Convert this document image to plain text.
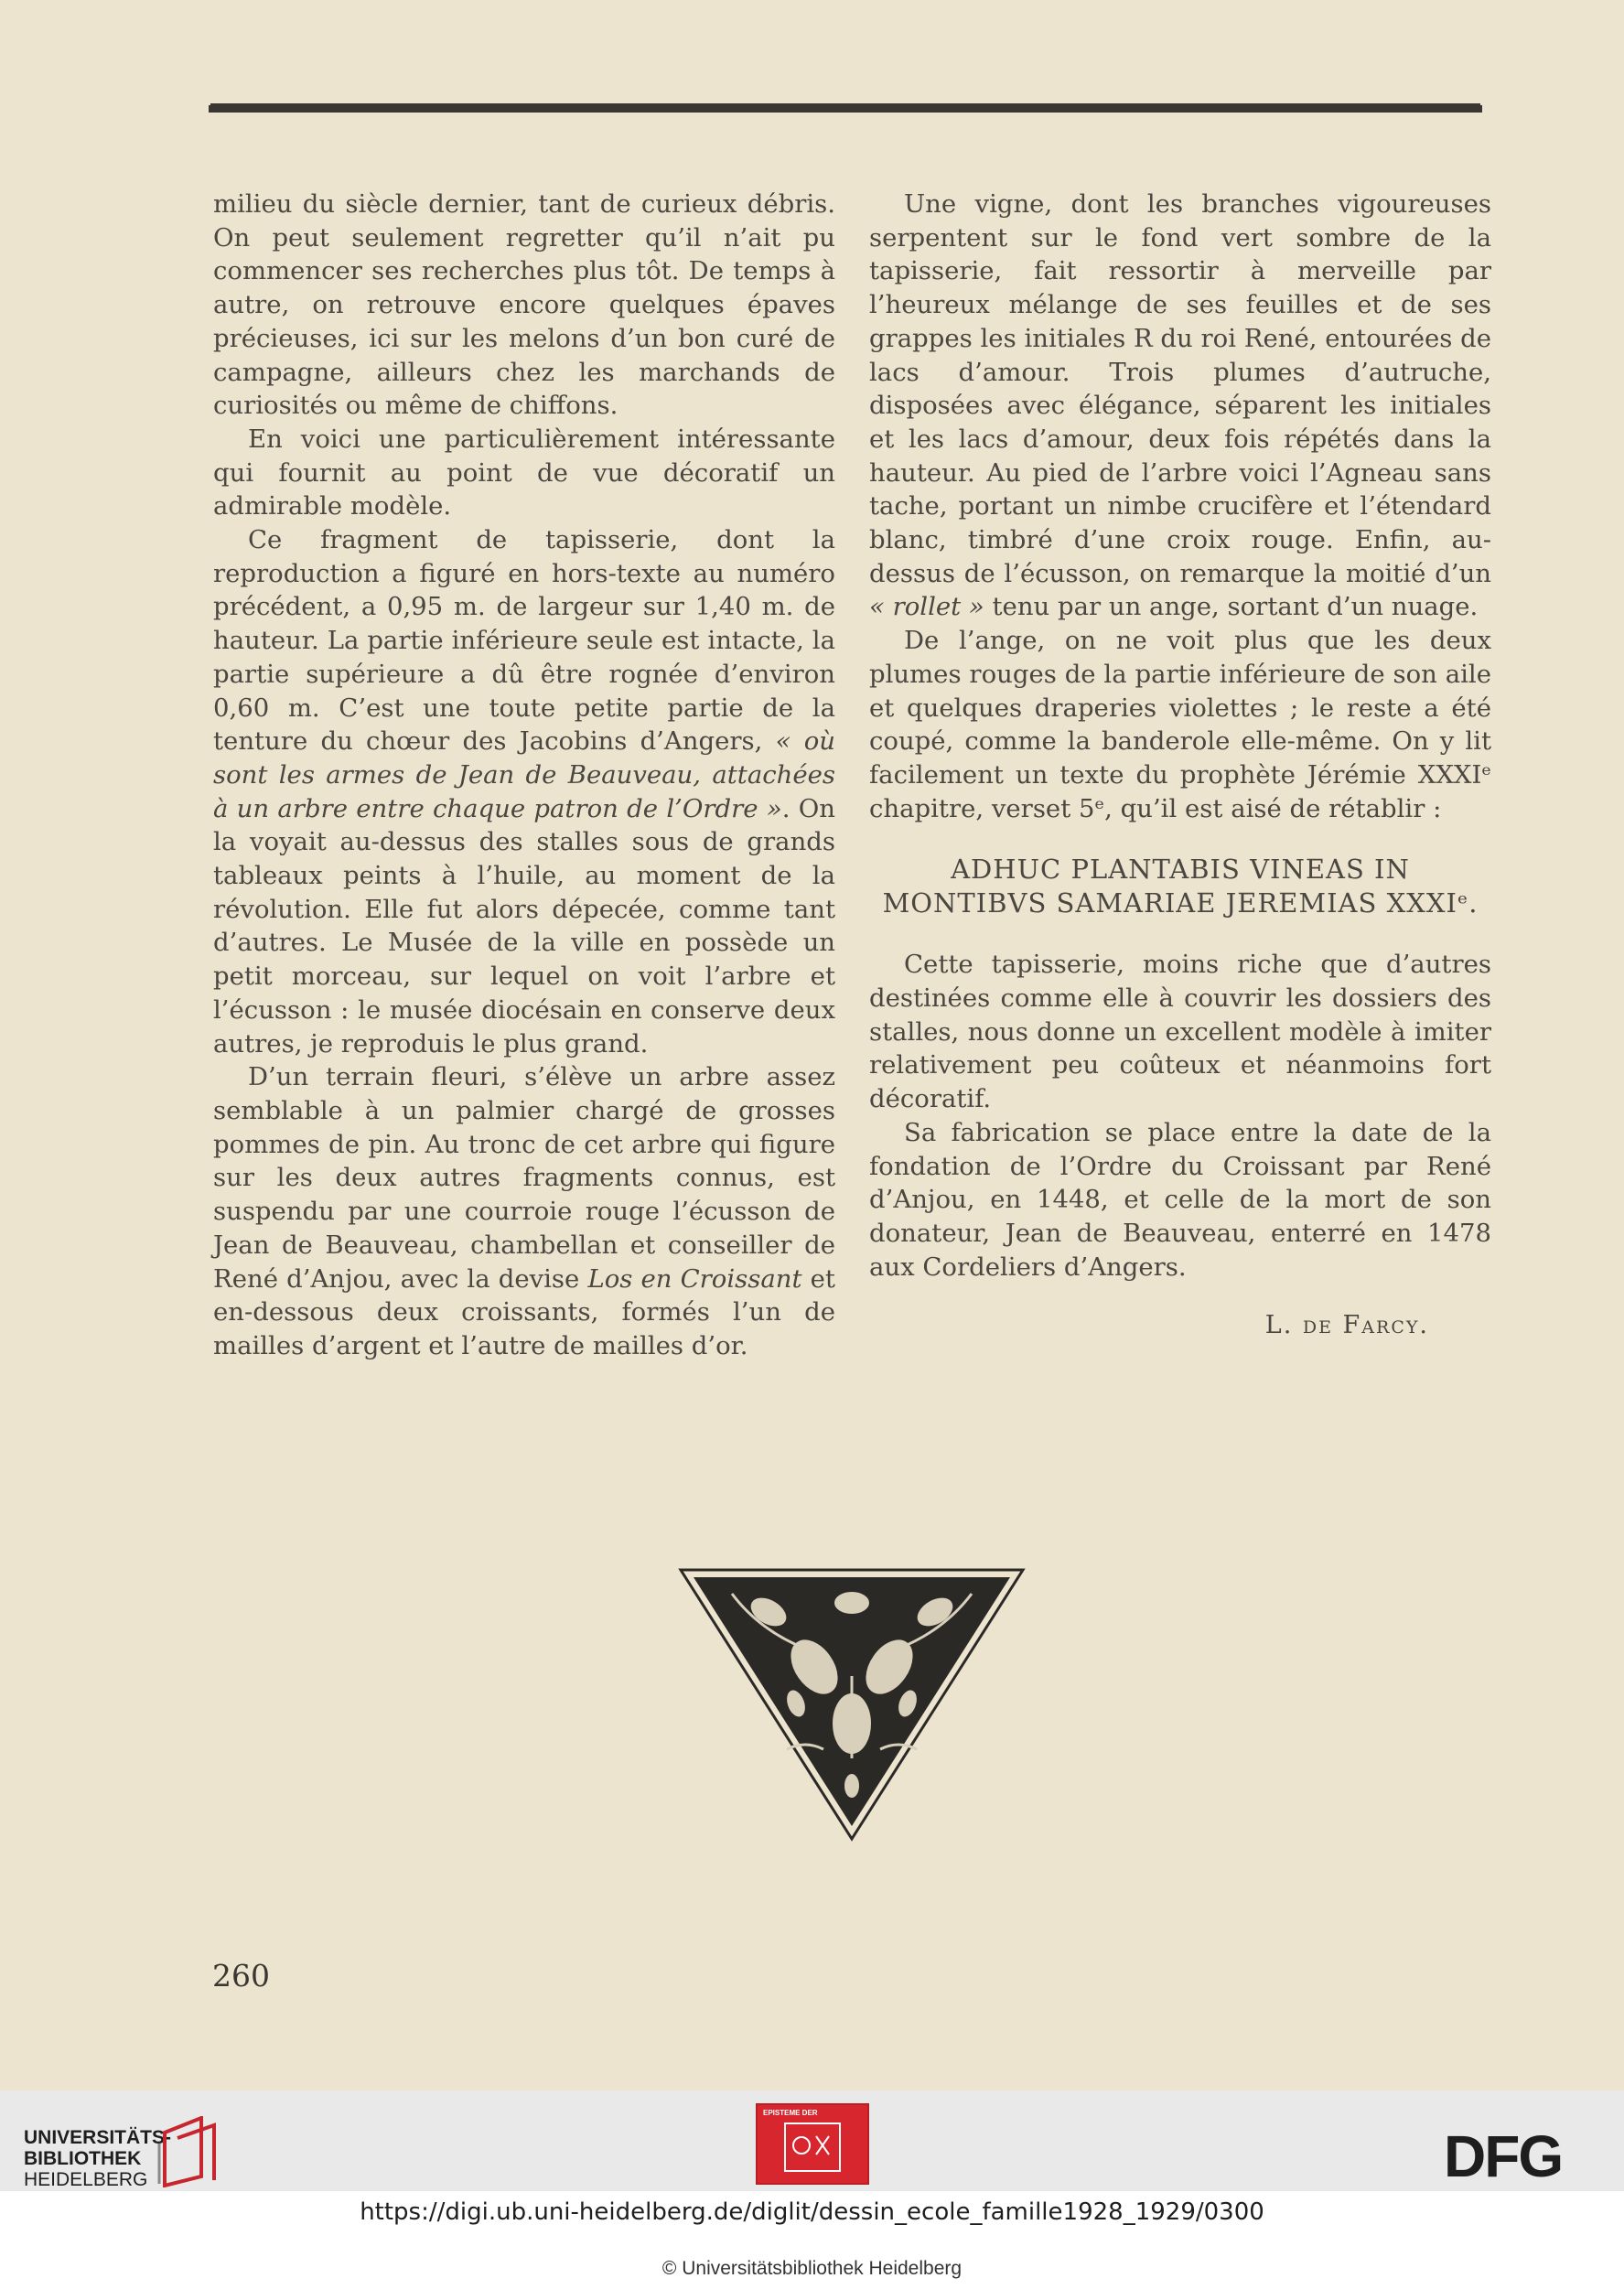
milieu du siècle dernier, tant de curieux débris. On peut seulement regretter qu’il n’ait pu commencer ses recherches plus tôt. De temps à autre, on retrouve encore quelques épaves précieuses, ici sur les melons d’un bon curé de campagne, ailleurs chez les marchands de curiosités ou même de chiffons.

En voici une particulièrement intéressante qui fournit au point de vue décoratif un admirable modèle.

Ce fragment de tapisserie, dont la reproduction a figuré en hors-texte au numéro précédent, a 0,95 m. de largeur sur 1,40 m. de hauteur. La partie inférieure seule est intacte, la partie supérieure a dû être rognée d’environ 0,60 m. C’est une toute petite partie de la tenture du chœur des Jacobins d’Angers, « où sont les armes de Jean de Beauveau, attachées à un arbre entre chaque patron de l’Ordre ». On la voyait au-dessus des stalles sous de grands tableaux peints à l’huile, au moment de la révolution. Elle fut alors dépecée, comme tant d’autres. Le Musée de la ville en possède un petit morceau, sur lequel on voit l’arbre et l’écusson : le musée diocésain en conserve deux autres, je reproduis le plus grand.

D’un terrain fleuri, s’élève un arbre assez semblable à un palmier chargé de grosses pommes de pin. Au tronc de cet arbre qui figure sur les deux autres fragments connus, est suspendu par une courroie rouge l’écusson de Jean de Beauveau, chambellan et conseiller de René d’Anjou, avec la devise Los en Croissant et en-dessous deux croissants, formés l’un de mailles d’argent et l’autre de mailles d’or.

Une vigne, dont les branches vigoureuses serpentent sur le fond vert sombre de la tapisserie, fait ressortir à merveille par l’heureux mélange de ses feuilles et de ses grappes les initiales R du roi René, entourées de lacs d’amour. Trois plumes d’autruche, disposées avec élégance, séparent les initiales et les lacs d’amour, deux fois répétés dans la hauteur. Au pied de l’arbre voici l’Agneau sans tache, portant un nimbe crucifère et l’étendard blanc, timbré d’une croix rouge. Enfin, au-dessus de l’écusson, on remarque la moitié d’un « rollet » tenu par un ange, sortant d’un nuage.

De l’ange, on ne voit plus que les deux plumes rouges de la partie inférieure de son aile et quelques draperies violettes ; le reste a été coupé, comme la banderole elle-même. On y lit facilement un texte du prophète Jérémie XXXIᵉ chapitre, verset 5ᵉ, qu’il est aisé de rétablir :

ADHUC PLANTABIS VINEAS IN MONTIBVS SAMARIAE JEREMIAS XXXIᵉ.

Cette tapisserie, moins riche que d’autres destinées comme elle à couvrir les dossiers des stalles, nous donne un excellent modèle à imiter relativement peu coûteux et néanmoins fort décoratif.

Sa fabrication se place entre la date de la fondation de l’Ordre du Croissant par René d’Anjou, en 1448, et celle de la mort de son donateur, Jean de Beauveau, enterré en 1478 aux Cordeliers d’Angers.

L. de Farcy.
260
UNIVERSITÄTS-
BIBLIOTHEK
HEIDELBERG
EPISTEME DER
DFG
https://digi.ub.uni-heidelberg.de/diglit/dessin_ecole_famille1928_1929/0300
© Universitätsbibliothek Heidelberg
